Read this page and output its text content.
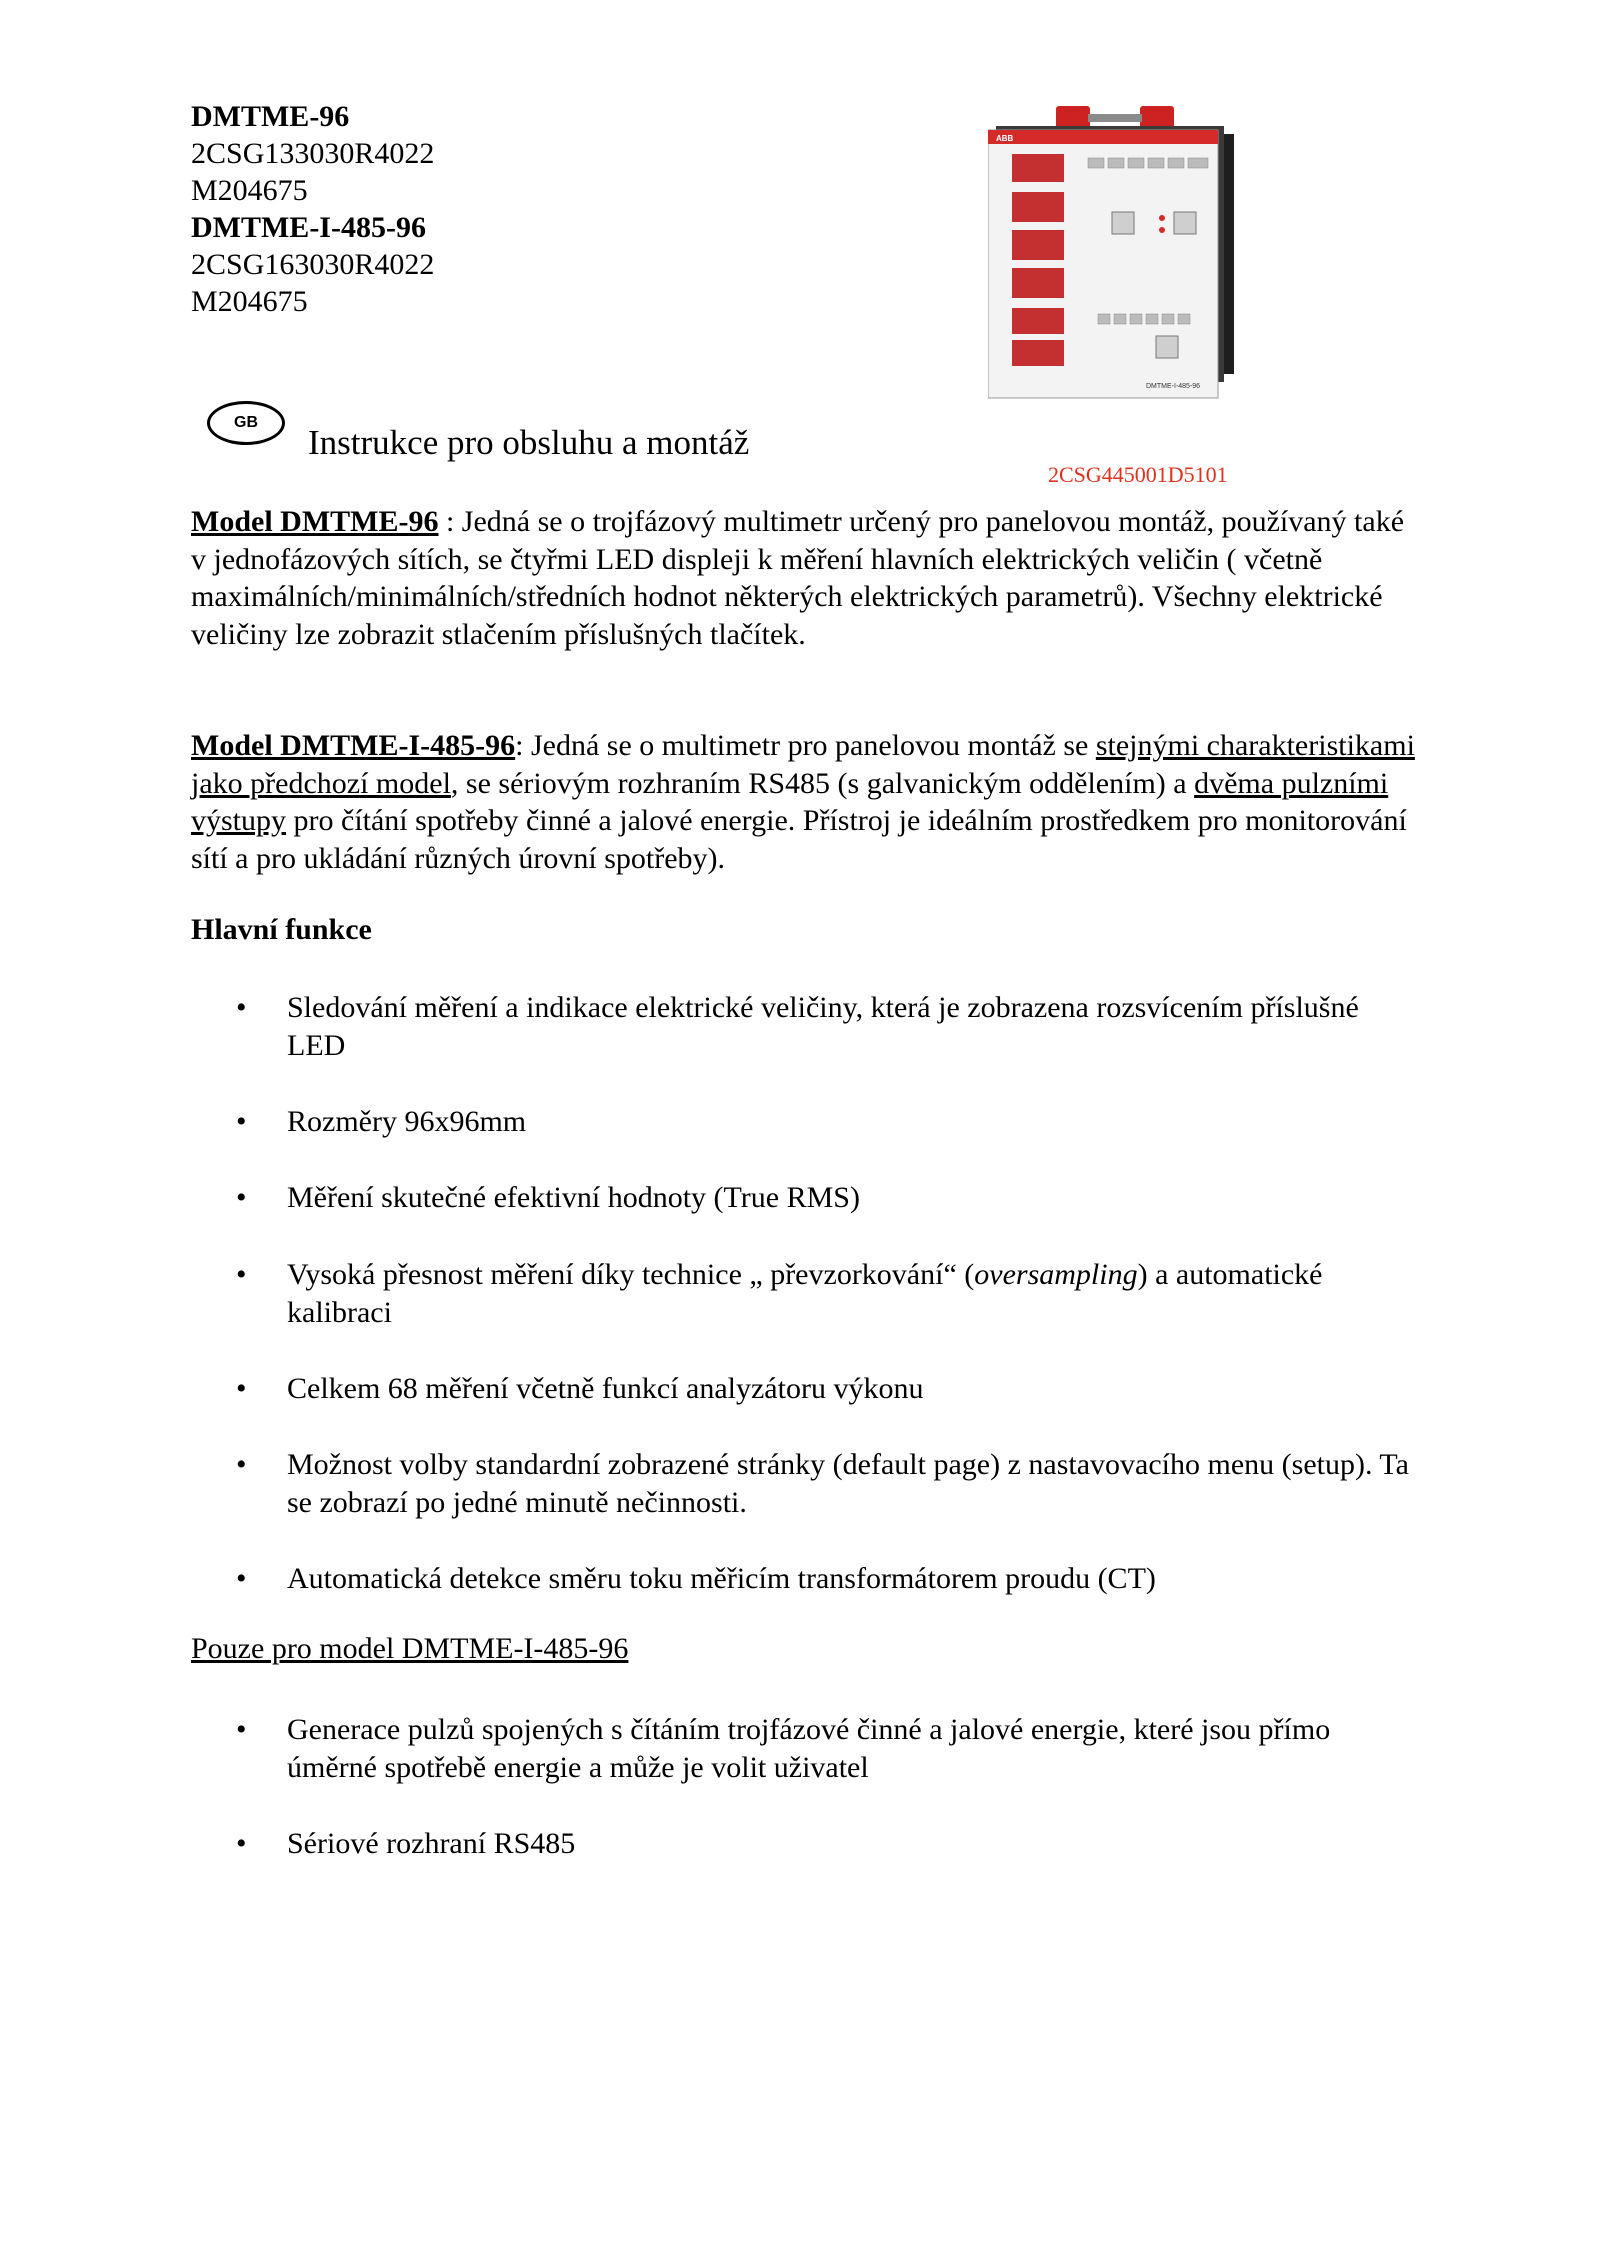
DMTME-96
2CSG133030R4022
M204675
DMTME-I-485-96
2CSG163030R4022
M204675
GB
Instrukce pro obsluhu a montáž
ABB
DMTME-I-485-96
2CSG445001D5101
Model DMTME-96 : Jedná se o trojfázový multimetr určený pro panelovou montáž, používaný také v jednofázových sítích, se čtyřmi LED displeji k měření hlavních elektrických veličin ( včetně maximálních/minimálních/středních hodnot některých elektrických parametrů). Všechny elektrické veličiny lze zobrazit stlačením příslušných tlačítek.
Model DMTME-I-485-96: Jedná se o multimetr pro panelovou montáž se stejnými charakteristikami jako předchozí model, se sériovým rozhraním RS485 (s galvanickým oddělením) a dvěma pulzními výstupy pro čítání spotřeby činné a jalové energie. Přístroj je ideálním prostředkem pro monitorování sítí a pro ukládání různých úrovní spotřeby).
Hlavní funkce
• Sledování měření a indikace elektrické veličiny, která je zobrazena rozsvícením příslušné LED
• Rozměry 96x96mm
• Měření skutečné efektivní hodnoty (True RMS)
• Vysoká přesnost měření díky technice „ převzorkování“ (oversampling) a automatické kalibraci
• Celkem 68 měření včetně funkcí analyzátoru výkonu
• Možnost volby standardní zobrazené stránky (default page) z nastavovacího menu (setup). Ta se zobrazí po jedné minutě nečinnosti.
• Automatická detekce směru toku měřicím transformátorem proudu (CT)
Pouze pro model DMTME-I-485-96
• Generace pulzů spojených s čítáním trojfázové činné a jalové energie, které jsou přímo úměrné spotřebě energie a může je volit uživatel
• Sériové rozhraní RS485
